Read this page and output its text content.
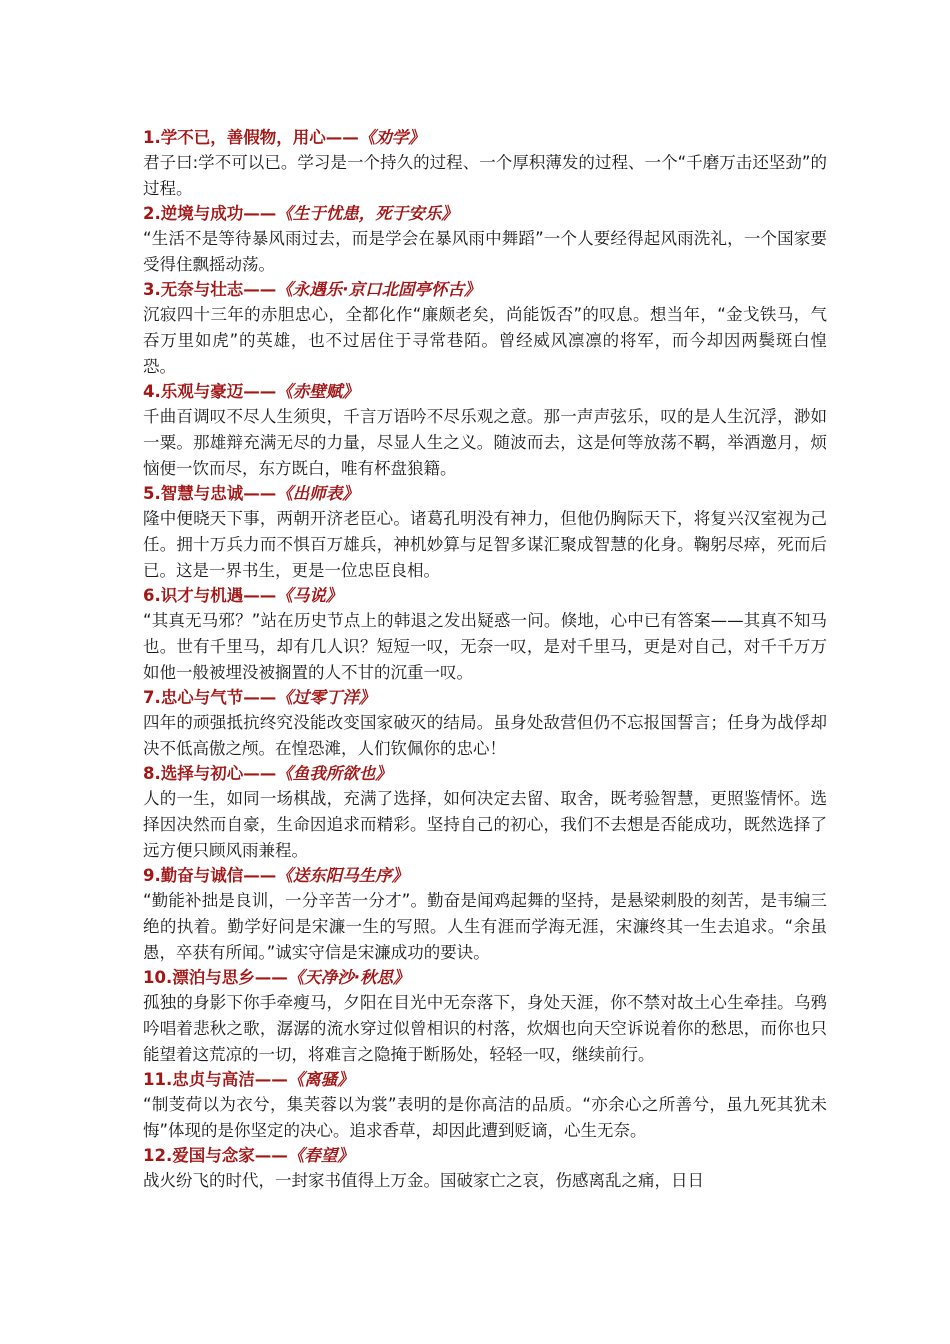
1.学不已，善假物，用心——《劝学》
君子曰:学不可以已。学习是一个持久的过程、一个厚积薄发的过程、一个“千磨万击还坚劲”的过程。
2.逆境与成功——《生于忧患，死于安乐》
“生活不是等待暴风雨过去，而是学会在暴风雨中舞蹈”一个人要经得起风雨洗礼，一个国家要受得住飘摇动荡。
3.无奈与壮志——《永遇乐·京口北固亭怀古》
沉寂四十三年的赤胆忠心，全都化作“廉颇老矣，尚能饭否”的叹息。想当年，“金戈铁马，气吞万里如虎”的英雄，也不过居住于寻常巷陌。曾经威风凛凛的将军，而今却因两鬓斑白惶恐。
4.乐观与豪迈——《赤壁赋》
千曲百调叹不尽人生须臾，千言万语吟不尽乐观之意。那一声声弦乐，叹的是人生沉浮，渺如一粟。那雄辩充满无尽的力量，尽显人生之义。随波而去，这是何等放荡不羁，举酒邀月，烦恼便一饮而尽，东方既白，唯有杯盘狼籍。
5.智慧与忠诚——《出师表》
隆中便晓天下事，两朝开济老臣心。诸葛孔明没有神力，但他仍胸际天下，将复兴汉室视为己任。拥十万兵力而不惧百万雄兵，神机妙算与足智多谋汇聚成智慧的化身。鞠躬尽瘁，死而后已。这是一界书生，更是一位忠臣良相。
6.识才与机遇——《马说》
“其真无马邪？”站在历史节点上的韩退之发出疑惑一问。倏地，心中已有答案——其真不知马也。世有千里马，却有几人识？短短一叹，无奈一叹，是对千里马，更是对自己，对千千万万如他一般被埋没被搁置的人不甘的沉重一叹。
7.忠心与气节——《过零丁洋》
四年的顽强抵抗终究没能改变国家破灭的结局。虽身处敌营但仍不忘报国誓言；任身为战俘却决不低高傲之颅。在惶恐滩，人们钦佩你的忠心！
8.选择与初心——《鱼我所欲也》
人的一生，如同一场棋战，充满了选择，如何决定去留、取舍，既考验智慧，更照鉴情怀。选择因决然而自豪，生命因追求而精彩。坚持自己的初心，我们不去想是否能成功，既然选择了远方便只顾风雨兼程。
9.勤奋与诚信——《送东阳马生序》
“勤能补拙是良训，一分辛苦一分才”。勤奋是闻鸡起舞的坚持，是悬梁刺股的刻苦，是韦编三绝的执着。勤学好问是宋濂一生的写照。人生有涯而学海无涯，宋濂终其一生去追求。“余虽愚，卒获有所闻。”诚实守信是宋濂成功的要诀。
10.漂泊与思乡——《天净沙·秋思》
孤独的身影下你手牵瘦马，夕阳在目光中无奈落下，身处天涯，你不禁对故土心生牵挂。乌鸦吟唱着悲秋之歌，潺潺的流水穿过似曾相识的村落，炊烟也向天空诉说着你的愁思，而你也只能望着这荒凉的一切，将难言之隐掩于断肠处，轻轻一叹，继续前行。
11.忠贞与高洁——《离骚》
“制芰荷以为衣兮，集芙蓉以为裳”表明的是你高洁的品质。“亦余心之所善兮，虽九死其犹未悔”体现的是你坚定的决心。追求香草，却因此遭到贬谪，心生无奈。
12.爱国与念家——《春望》
战火纷飞的时代，一封家书值得上万金。国破家亡之哀，伤感离乱之痛，日日
